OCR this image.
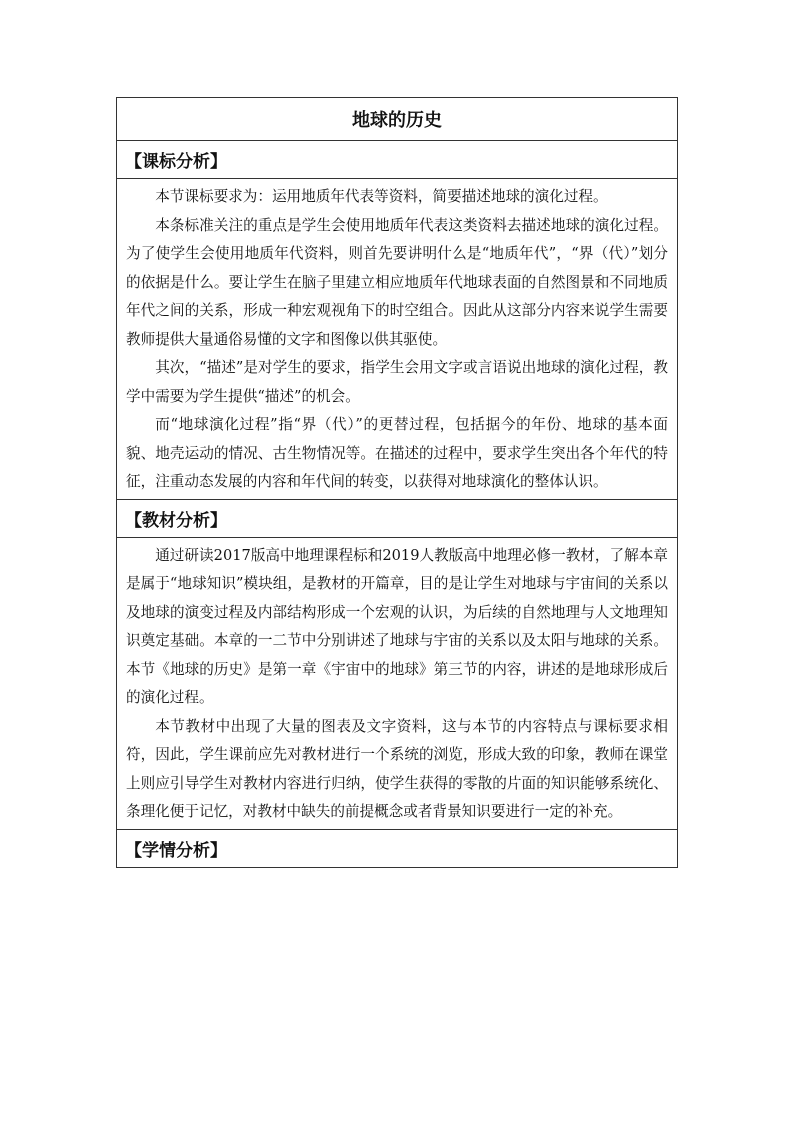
地球的历史
【课标分析】

本节课标要求为：运用地质年代表等资料，简要描述地球的演化过程。

本条标准关注的重点是学生会使用地质年代表这类资料去描述地球的演化过程。为了使学生会使用地质年代资料，则首先要讲明什么是“地质年代”，“界（代）”划分的依据是什么。要让学生在脑子里建立相应地质年代地球表面的自然图景和不同地质年代之间的关系，形成一种宏观视角下的时空组合。因此从这部分内容来说学生需要教师提供大量通俗易懂的文字和图像以供其驱使。

其次，“描述”是对学生的要求，指学生会用文字或言语说出地球的演化过程，教学中需要为学生提供“描述”的机会。

而“地球演化过程”指“界（代）”的更替过程，包括据今的年份、地球的基本面貌、地壳运动的情况、古生物情况等。在描述的过程中，要求学生突出各个年代的特征，注重动态发展的内容和年代间的转变，以获得对地球演化的整体认识。

【教材分析】

通过研读2017版高中地理课程标和2019人教版高中地理必修一教材，了解本章是属于“地球知识”模块组，是教材的开篇章，目的是让学生对地球与宇宙间的关系以及地球的演变过程及内部结构形成一个宏观的认识，为后续的自然地理与人文地理知识奠定基础。本章的一二节中分别讲述了地球与宇宙的关系以及太阳与地球的关系。本节《地球的历史》是第一章《宇宙中的地球》第三节的内容，讲述的是地球形成后的演化过程。

本节教材中出现了大量的图表及文字资料，这与本节的内容特点与课标要求相符，因此，学生课前应先对教材进行一个系统的浏览，形成大致的印象，教师在课堂上则应引导学生对教材内容进行归纳，使学生获得的零散的片面的知识能够系统化、条理化便于记忆，对教材中缺失的前提概念或者背景知识要进行一定的补充。

【学情分析】
